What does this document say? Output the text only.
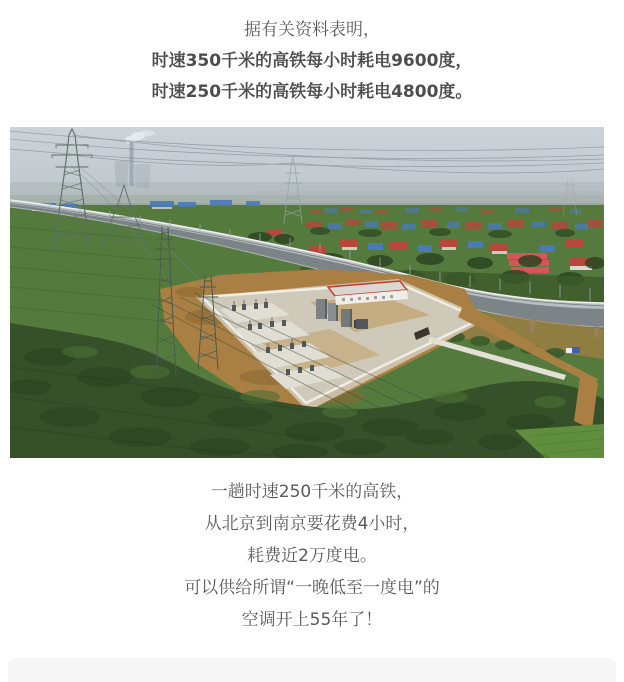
据有关资料表明，

时速350千米的高铁每小时耗电9600度，

时速250千米的高铁每小时耗电4800度。

一趟时速250千米的高铁，

从北京到南京要花费4小时，

耗费近2万度电。

可以供给所谓“一晚低至一度电”的

空调开上55年了！
